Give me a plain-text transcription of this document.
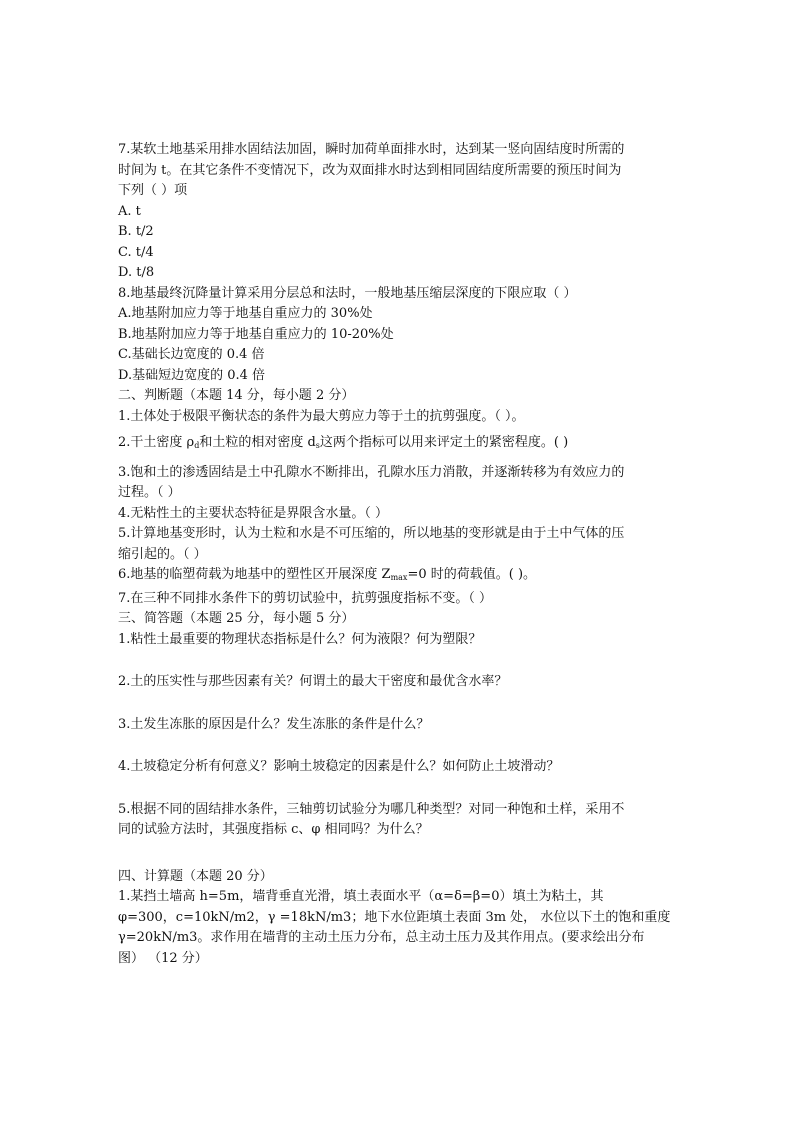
7.某软土地基采用排水固结法加固，瞬时加荷单面排水时，达到某一竖向固结度时所需的
时间为 t。在其它条件不变情况下，改为双面排水时达到相同固结度所需要的预压时间为
下列（ ）项
A. t
B. t/2
C. t/4
D. t/8
8.地基最终沉降量计算采用分层总和法时，一般地基压缩层深度的下限应取（ ）
A.地基附加应力等于地基自重应力的 30%处
B.地基附加应力等于地基自重应力的 10-20%处
C.基础长边宽度的 0.4 倍
D.基础短边宽度的 0.4 倍
二、判断题（本题 14 分，每小题 2 分）
1.土体处于极限平衡状态的条件为最大剪应力等于土的抗剪强度。（ ）。
2.干土密度 $\rho_d$和土粒的相对密度 $d_s$这两个指标可以用来评定土的紧密程度。( )
3.饱和土的渗透固结是土中孔隙水不断排出，孔隙水压力消散，并逐渐转移为有效应力的
过程。（ ）
4.无粘性土的主要状态特征是界限含水量。（ ）
5.计算地基变形时，认为土粒和水是不可压缩的，所以地基的变形就是由于土中气体的压
缩引起的。（ ）
6.地基的临塑荷载为地基中的塑性区开展深度 $Z_{max}=0$ 时的荷载值。( )。
7.在三种不同排水条件下的剪切试验中，抗剪强度指标不变。（ ）
三、简答题（本题 25 分，每小题 5 分）
1.粘性土最重要的物理状态指标是什么？何为液限？何为塑限？
2.土的压实性与那些因素有关？何谓土的最大干密度和最优含水率？
3.土发生冻胀的原因是什么？发生冻胀的条件是什么？
4.土坡稳定分析有何意义？影响土坡稳定的因素是什么？如何防止土坡滑动？
5.根据不同的固结排水条件，三轴剪切试验分为哪几种类型？对同一种饱和土样，采用不
同的试验方法时，其强度指标 c、φ 相同吗？为什么？
四、计算题（本题 20 分）
1.某挡土墙高 h=5m，墙背垂直光滑，填土表面水平（α=δ=β=0）填土为粘土，其
φ=300，c=10kN/m2，γ =18kN/m3；地下水位距填土表面 3m 处， 水位以下土的饱和重度
γ=20kN/m3。求作用在墙背的主动土压力分布，总主动土压力及其作用点。(要求绘出分布
图） （12 分）
